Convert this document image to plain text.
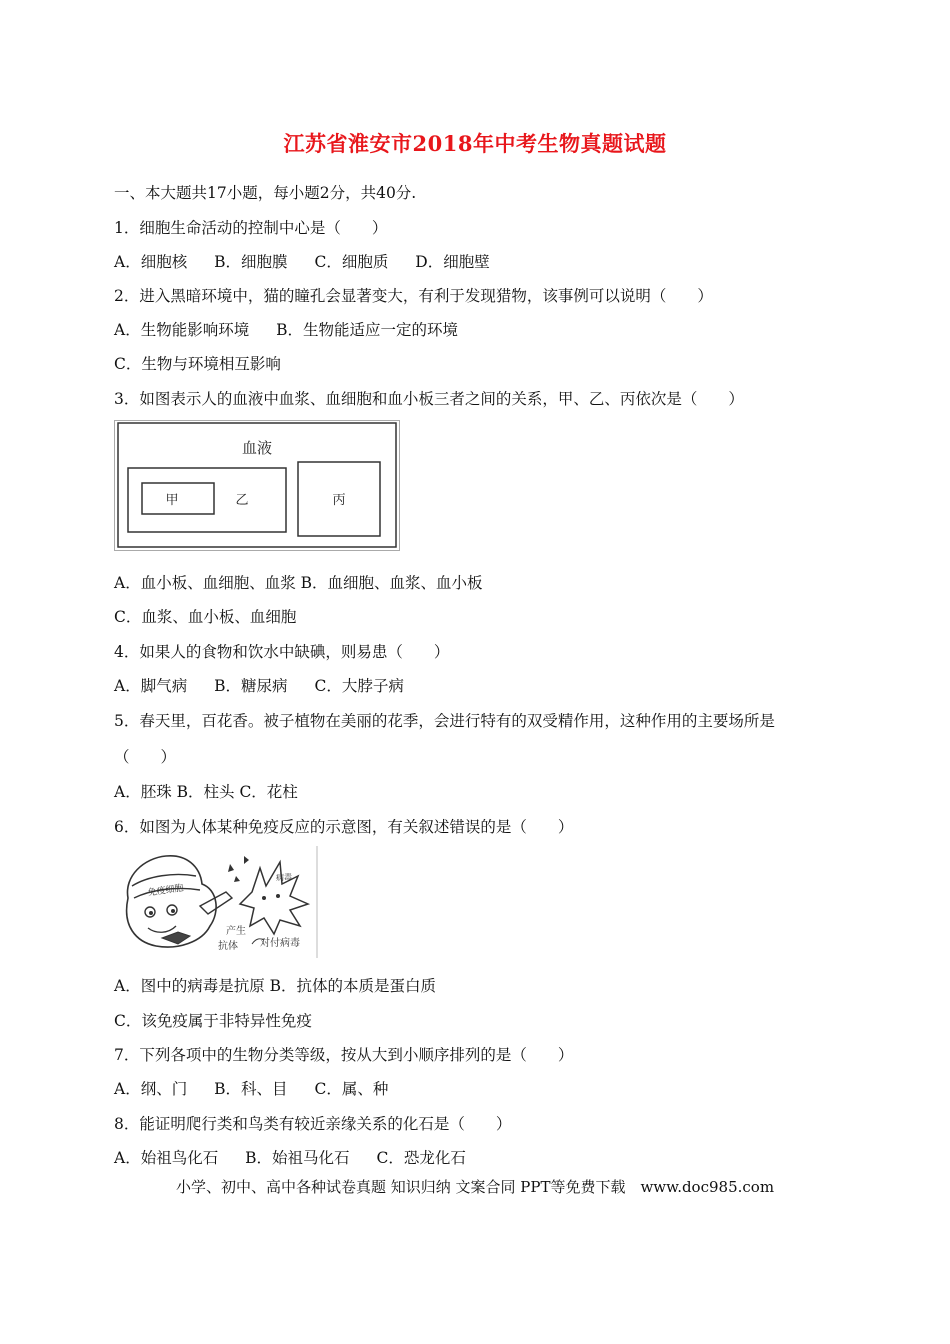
江苏省淮安市2018年中考生物真题试题
一、本大题共17小题，每小题2分，共40分.
1．细胞生命活动的控制中心是（　　）
A．细胞核 B．细胞膜 C．细胞质 D．细胞壁
2．进入黑暗环境中，猫的瞳孔会显著变大，有利于发现猎物，该事例可以说明（　　）
A．生物能影响环境 B．生物能适应一定的环境
C．生物与环境相互影响
3．如图表示人的血液中血浆、血细胞和血小板三者之间的关系，甲、乙、丙依次是（　　）
血液
甲	乙	丙
A．血小板、血细胞、血浆 B．血细胞、血浆、血小板
C．血浆、血小板、血细胞
4．如果人的食物和饮水中缺碘，则易患（　　）
A．脚气病 B．糖尿病 C．大脖子病
5．春天里，百花香。被子植物在美丽的花季，会进行特有的双受精作用，这种作用的主要场所是
（　　）
A．胚珠 B．柱头 C．花柱
6．如图为人体某种免疫反应的示意图，有关叙述错误的是（　　）
免疫细胞
病毒
产生
抗体 对付病毒
A．图中的病毒是抗原 B．抗体的本质是蛋白质
C．该免疫属于非特异性免疫
7．下列各项中的生物分类等级，按从大到小顺序排列的是（　　）
A．纲、门 B．科、目 C．属、种
8．能证明爬行类和鸟类有较近亲缘关系的化石是（　　）
A．始祖鸟化石 B．始祖马化石 C．恐龙化石
小学、初中、高中各种试卷真题 知识归纳 文案合同 PPT等免费下载　www.doc985.com
